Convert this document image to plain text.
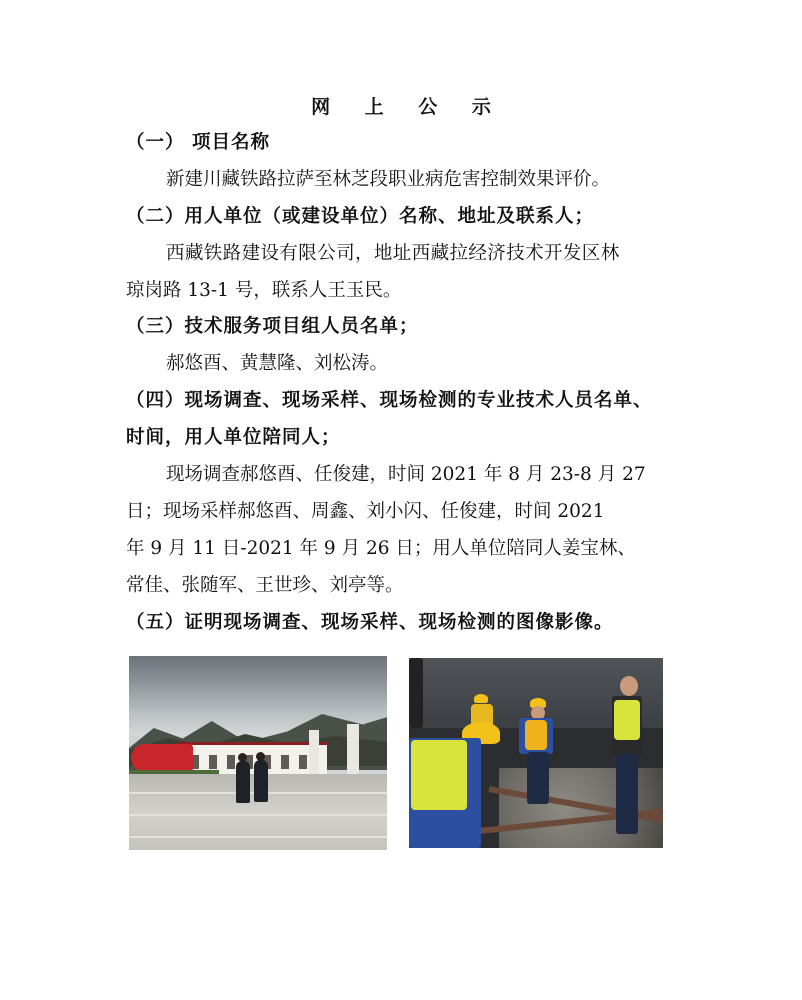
网 上 公 示
（一） 项目名称
新建川藏铁路拉萨至林芝段职业病危害控制效果评价。
（二）用人单位（或建设单位）名称、地址及联系人；
西藏铁路建设有限公司，地址西藏拉经济技术开发区林
琼岗路 13-1 号，联系人王玉民。
（三）技术服务项目组人员名单；
郝悠酉、黄慧隆、刘松涛。
（四）现场调查、现场采样、现场检测的专业技术人员名单、
时间，用人单位陪同人；
现场调查郝悠酉、任俊建，时间 2021 年 8 月 23-8 月 27
日；现场采样郝悠酉、周鑫、刘小闪、任俊建，时间 2021
年 9 月 11 日-2021 年 9 月 26 日；用人单位陪同人姜宝林、
常佳、张随军、王世珍、刘亭等。
（五）证明现场调查、现场采样、现场检测的图像影像。
